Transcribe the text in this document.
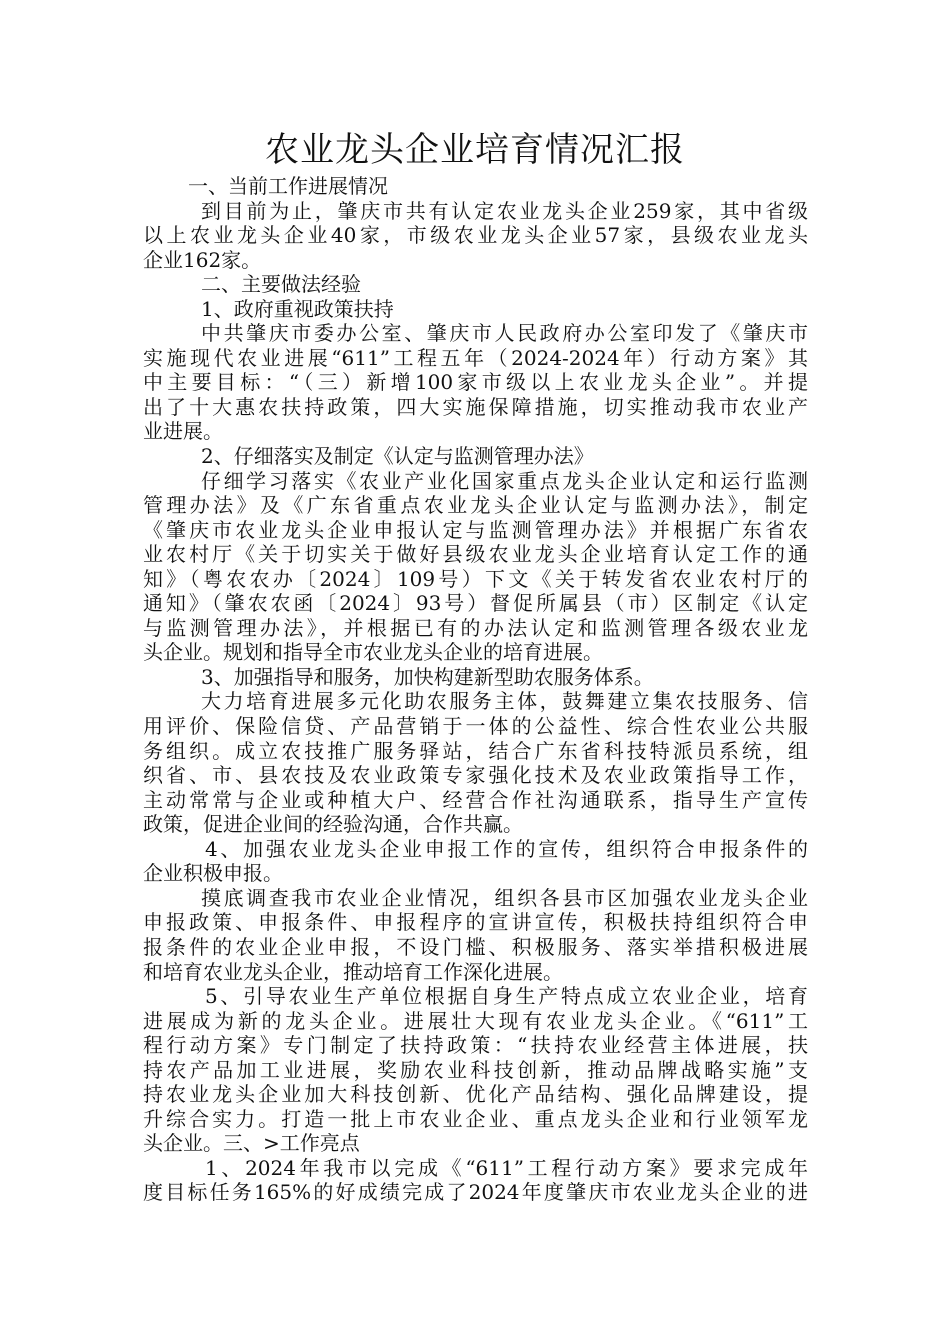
农业龙头企业培育情况汇报
一、当前工作进展情况
到目前为止，肇庆市共有认定农业龙头企业259家，其中省级
以上农业龙头企业40家，市级农业龙头企业57家，县级农业龙头
企业162家。
二、主要做法经验
1、政府重视政策扶持
中共肇庆市委办公室、肇庆市人民政府办公室印发了《肇庆市
实施现代农业进展“611”工程五年（2024-2024年）行动方案》其
中主要目标：“（三）新增100家市级以上农业龙头企业”。并提
出了十大惠农扶持政策，四大实施保障措施，切实推动我市农业产
业进展。
2、仔细落实及制定《认定与监测管理办法》
仔细学习落实《农业产业化国家重点龙头企业认定和运行监测
管理办法》及《广东省重点农业龙头企业认定与监测办法》，制定
《肇庆市农业龙头企业申报认定与监测管理办法》并根据广东省农
业农村厅《关于切实关于做好县级农业龙头企业培育认定工作的通
知》（粤农农办〔2024〕109号）下文《关于转发省农业农村厅的
通知》（肇农农函〔2024〕93号）督促所属县（市）区制定《认定
与监测管理办法》，并根据已有的办法认定和监测管理各级农业龙
头企业。规划和指导全市农业龙头企业的培育进展。
3、加强指导和服务，加快构建新型助农服务体系。
大力培育进展多元化助农服务主体，鼓舞建立集农技服务、信
用评价、保险信贷、产品营销于一体的公益性、综合性农业公共服
务组织。成立农技推广服务驿站，结合广东省科技特派员系统，组
织省、市、县农技及农业政策专家强化技术及农业政策指导工作，
主动常常与企业或种植大户、经营合作社沟通联系，指导生产宣传
政策，促进企业间的经验沟通，合作共赢。
4、加强农业龙头企业申报工作的宣传，组织符合申报条件的
企业积极申报。
摸底调查我市农业企业情况，组织各县市区加强农业龙头企业
申报政策、申报条件、申报程序的宣讲宣传，积极扶持组织符合申
报条件的农业企业申报，不设门槛、积极服务、落实举措积极进展
和培育农业龙头企业，推动培育工作深化进展。
5、引导农业生产单位根据自身生产特点成立农业企业，培育
进展成为新的龙头企业。进展壮大现有农业龙头企业。《“611”工
程行动方案》专门制定了扶持政策：“扶持农业经营主体进展，扶
持农产品加工业进展，奖励农业科技创新，推动品牌战略实施”支
持农业龙头企业加大科技创新、优化产品结构、强化品牌建设，提
升综合实力。打造一批上市农业企业、重点龙头企业和行业领军龙
头企业。三、>工作亮点
1、2024年我市以完成《“611”工程行动方案》要求完成年
度目标任务165%的好成绩完成了2024年度肇庆市农业龙头企业的进
